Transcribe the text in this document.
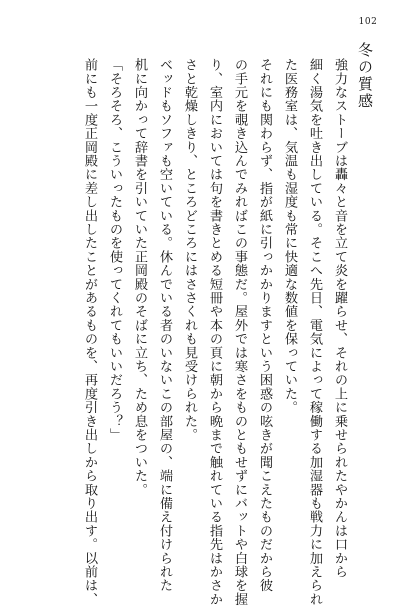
102
冬の質感
強力なストーブは轟々と音を立て炎を躍らせ、それの上に乗せられたやかんは口から
細く湯気を吐き出している。そこへ先日、電気によって稼働する加湿器も戦力に加えられ
た医務室は、気温も湿度も常に快適な数値を保っていた。
それにも関わらず、指が紙に引っかかりますという困惑の呟きが聞こえたものだから彼
の手元を覗き込んでみればこの事態だ。屋外では寒さをものともせずにバットや白球を握
り、室内においては句を書きとめる短冊や本の頁に朝から晩まで触れている指先はかさか
さと乾燥しきり、ところどころにはささくれも見受けられた。
ベッドもソファも空いている。休んでいる者のいないこの部屋の、端に備え付けられた
机に向かって辞書を引いていた正岡殿のそばに立ち、ため息をついた。
「そろそろ、こういったものを使ってくれてもいいだろう？」
前にも一度正岡殿に差し出したことがあるものを、再度引き出しから取り出す。以前は、
